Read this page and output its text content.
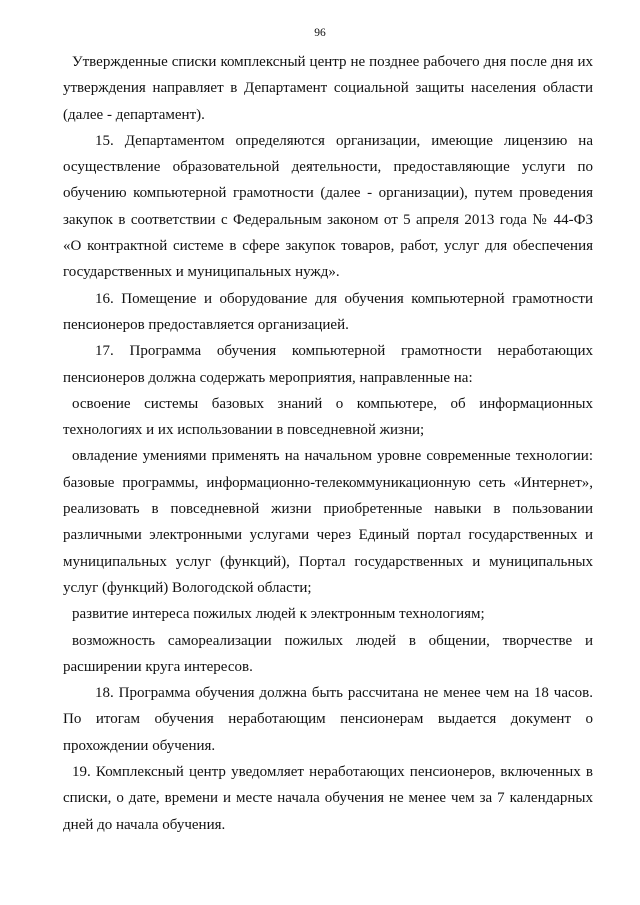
96

Утвержденные списки комплексный центр не позднее рабочего дня после дня их утверждения направляет в Департамент социальной защиты населения области (далее - департамент).

15. Департаментом определяются организации, имеющие лицензию на осуществление образовательной деятельности, предоставляющие услуги по обучению компьютерной грамотности (далее - организации), путем проведения закупок в соответствии с Федеральным законом от 5 апреля 2013 года № 44-ФЗ «О контрактной системе в сфере закупок товаров, работ, услуг для обеспечения государственных и муниципальных нужд».

16. Помещение и оборудование для обучения компьютерной грамотности пенсионеров предоставляется организацией.

17. Программа обучения компьютерной грамотности неработающих пенсионеров должна содержать мероприятия, направленные на:

освоение системы базовых знаний о компьютере, об информационных технологиях и их использовании в повседневной жизни;

овладение умениями применять на начальном уровне современные технологии: базовые программы, информационно-телекоммуникационную сеть «Интернет», реализовать в повседневной жизни приобретенные навыки в пользовании различными электронными услугами через Единый портал государственных и муниципальных услуг (функций), Портал государственных и муниципальных услуг (функций) Вологодской области;

развитие интереса пожилых людей к электронным технологиям;

возможность самореализации пожилых людей в общении, творчестве и расширении круга интересов.

18. Программа обучения должна быть рассчитана не менее чем на 18 часов. По итогам обучения неработающим пенсионерам выдается документ о прохождении обучения.

19. Комплексный центр уведомляет неработающих пенсионеров, включенных в списки, о дате, времени и месте начала обучения не менее чем за 7 календарных дней до начала обучения.
